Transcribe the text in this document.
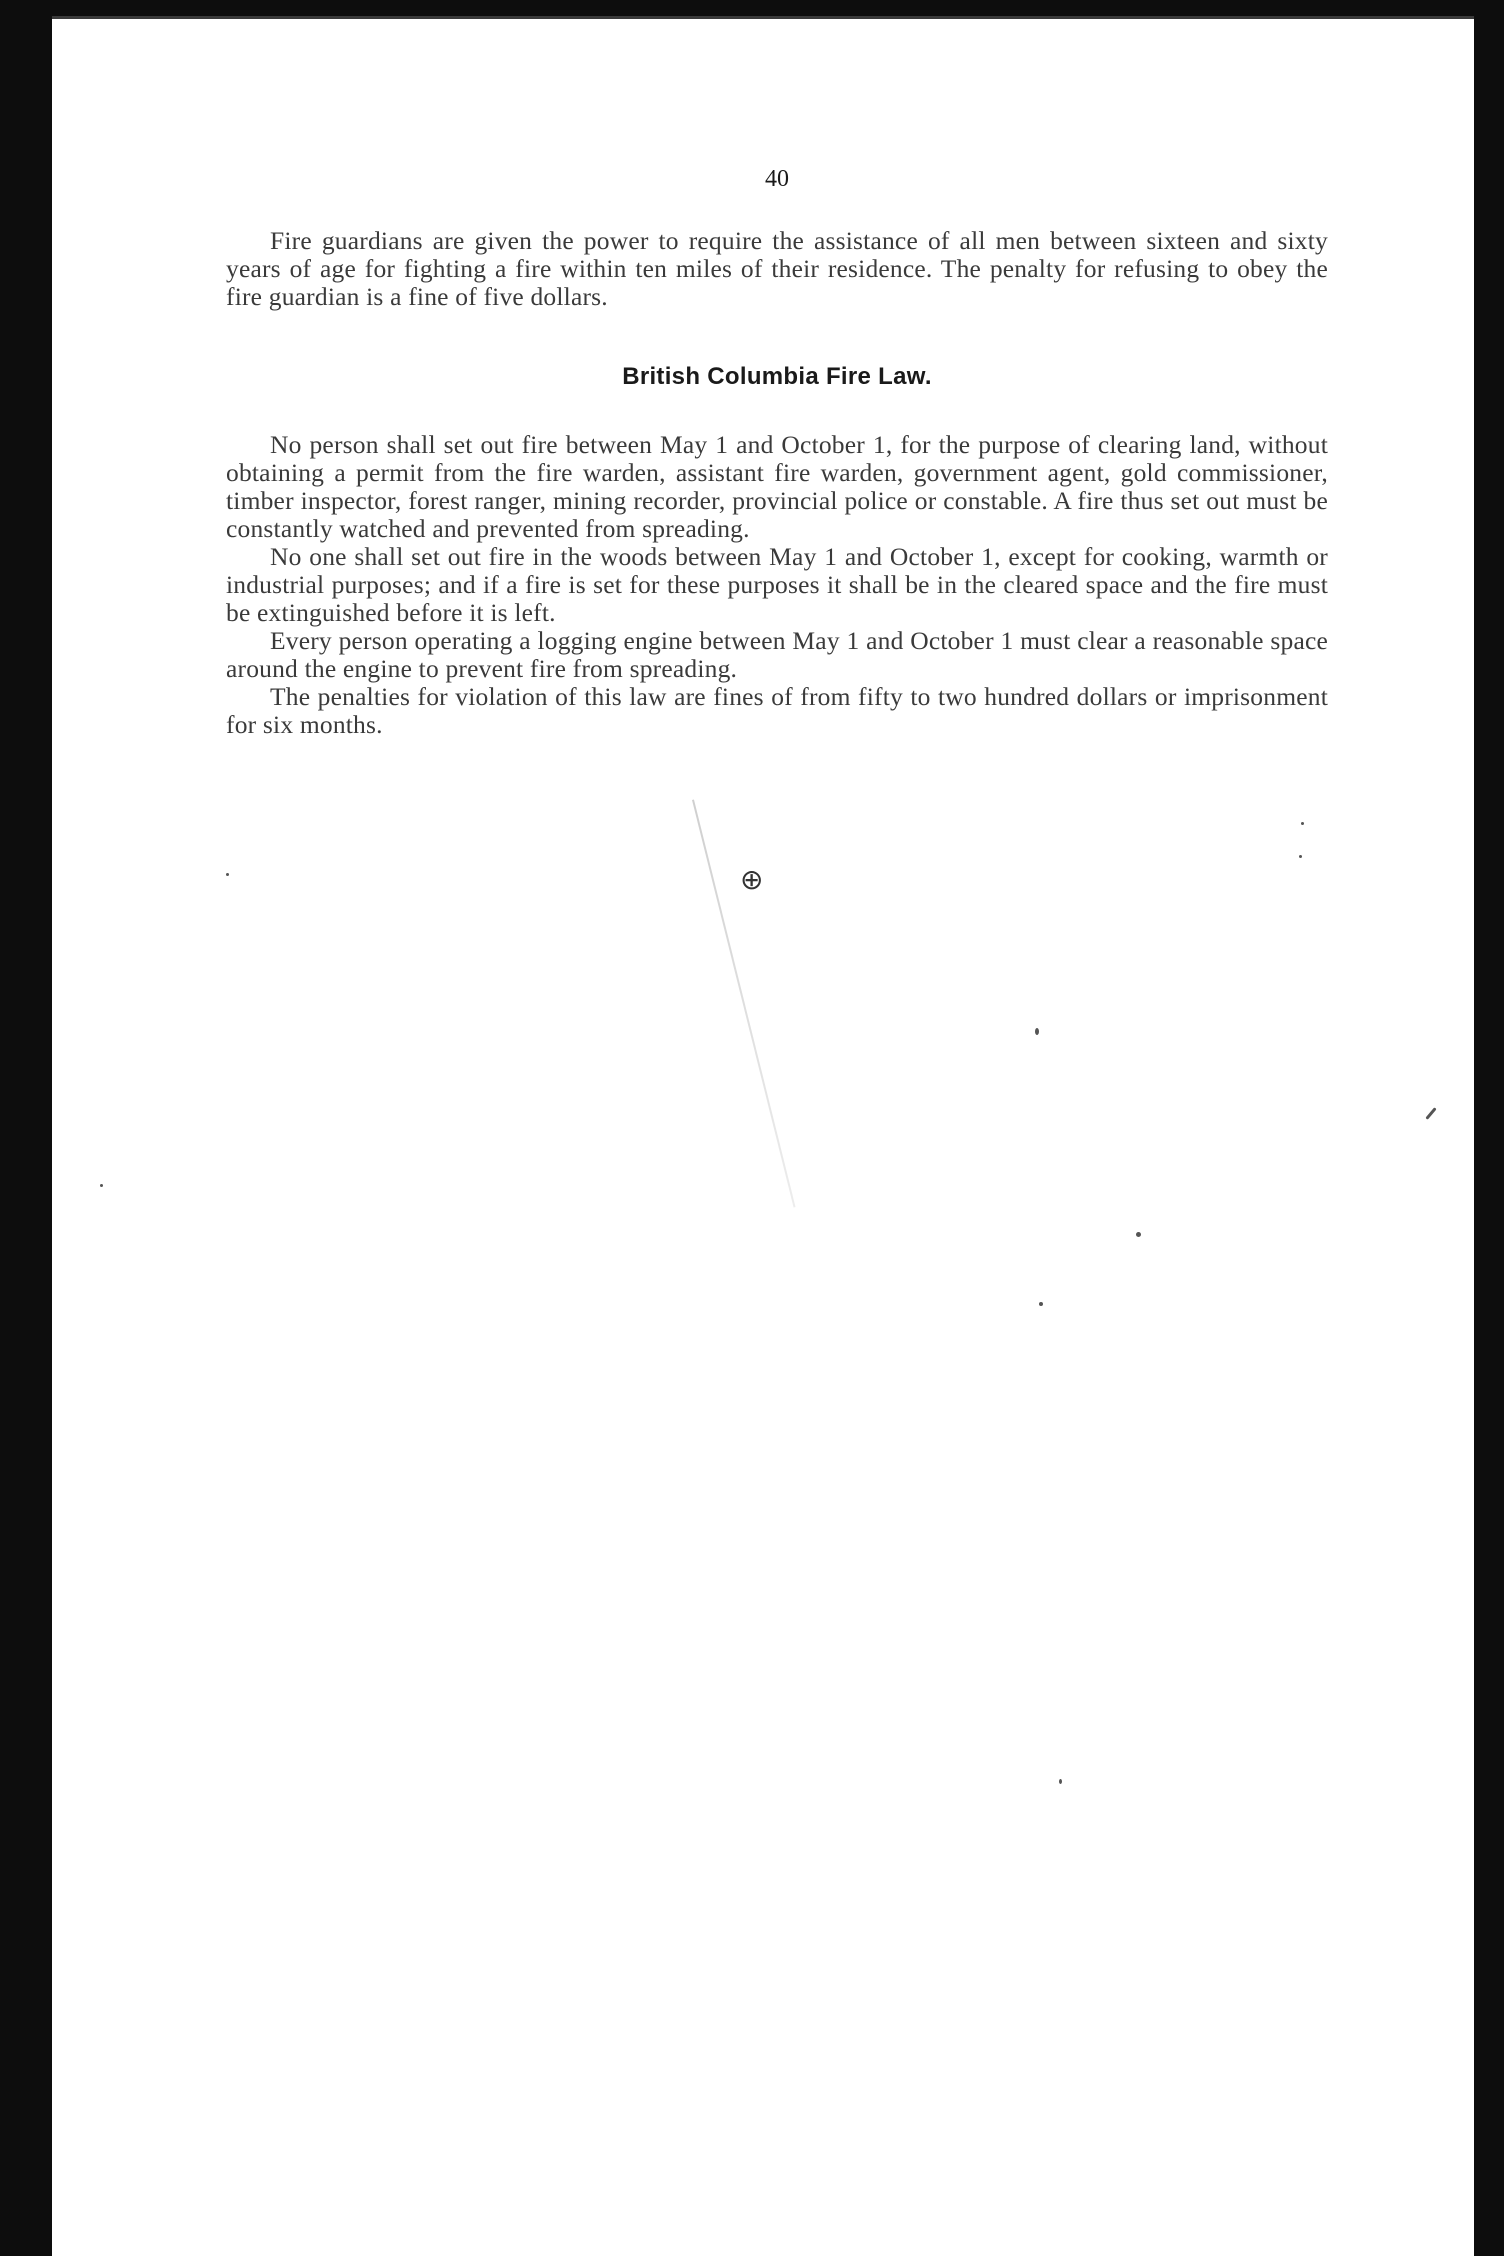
40

Fire guardians are given the power to require the assistance of all men between sixteen and sixty years of age for fighting a fire within ten miles of their residence. The penalty for refusing to obey the fire guardian is a fine of five dollars.

British Columbia Fire Law.

No person shall set out fire between May 1 and October 1, for the purpose of clearing land, without obtaining a permit from the fire warden, assistant fire warden, government agent, gold commissioner, timber inspector, forest ranger, mining recorder, provincial police or constable. A fire thus set out must be constantly watched and prevented from spreading.

No one shall set out fire in the woods between May 1 and October 1, except for cooking, warmth or industrial purposes; and if a fire is set for these purposes it shall be in the cleared space and the fire must be extinguished before it is left.

Every person operating a logging engine between May 1 and October 1 must clear a reasonable space around the engine to prevent fire from spreading.

The penalties for violation of this law are fines of from fifty to two hundred dollars or imprisonment for six months.

⊕
